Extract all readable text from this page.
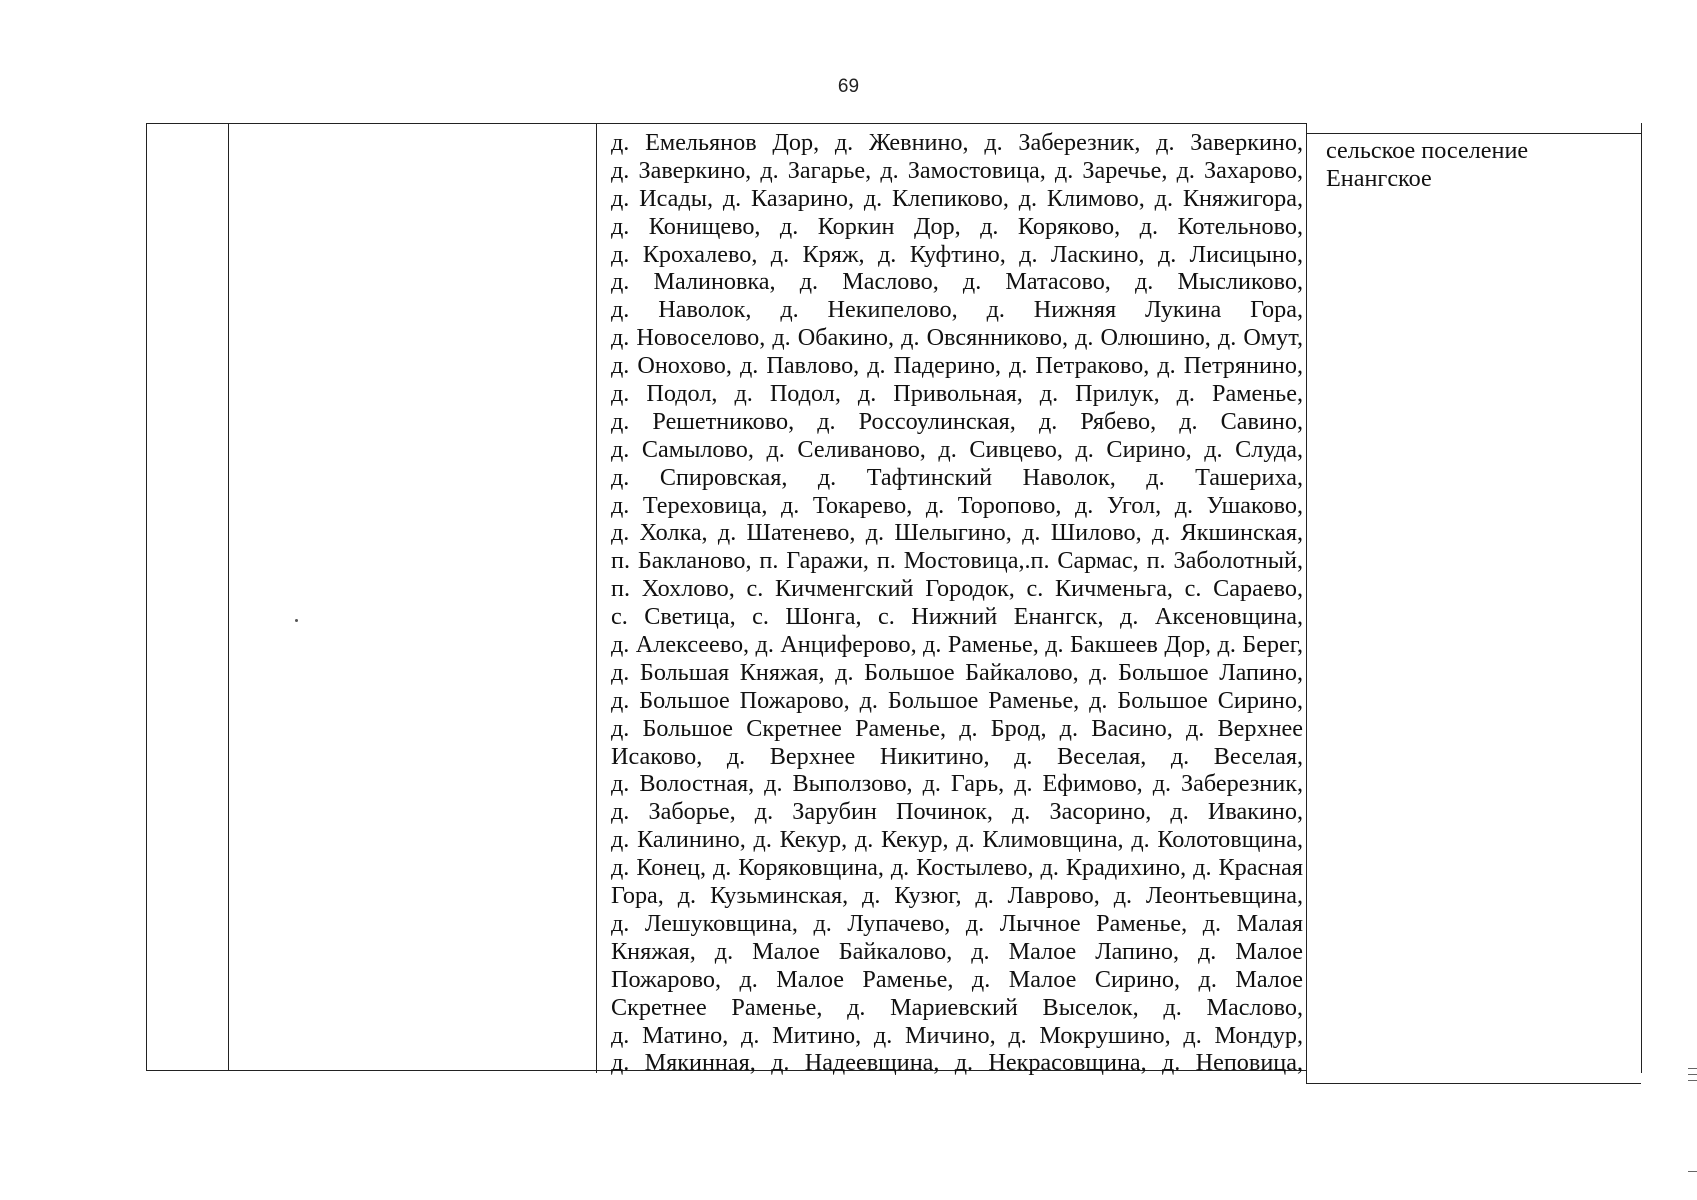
69
д. Емельянов Дор, д. Жевнино, д. Заберезник, д. Заверкино,
д. Заверкино, д. Загарье, д. Замостовица, д. Заречье, д. Захарово,
д. Исады, д. Казарино, д. Клепиково, д. Климово, д. Княжигора,
д. Конищево, д. Коркин Дор, д. Коряково, д. Котельново,
д. Крохалево, д. Кряж, д. Куфтино, д. Ласкино, д. Лисицыно,
д. Малиновка, д. Маслово, д. Матасово, д. Мысликово,
д. Наволок, д. Некипелово, д. Нижняя Лукина Гора,
д. Новоселово, д. Обакино, д. Овсянниково, д. Олюшино, д. Омут,
д. Онохово, д. Павлово, д. Падерино, д. Петраково, д. Петрянино,
д. Подол, д. Подол, д. Привольная, д. Прилук, д. Раменье,
д. Решетниково, д. Россоулинская, д. Рябево, д. Савино,
д. Самылово, д. Селиваново, д. Сивцево, д. Сирино, д. Слуда,
д. Спировская, д. Тафтинский Наволок, д. Ташериха,
д. Тереховица, д. Токарево, д. Торопово, д. Угол, д. Ушаково,
д. Холка, д. Шатенево, д. Шелыгино, д. Шилово, д. Якшинская,
п. Бакланово, п. Гаражи, п. Мостовица,.п. Сармас, п. Заболотный,
п. Хохлово, с. Кичменгский Городок, с. Кичменьга, с. Сараево,
с. Светица, с. Шонга, с. Нижний Енангск, д. Аксеновщина,
д. Алексеево, д. Анциферово, д. Раменье, д. Бакшеев Дор, д. Берег,
д. Большая Княжая, д. Большое Байкалово, д. Большое Лапино,
д. Большое Пожарово, д. Большое Раменье, д. Большое Сирино,
д. Большое Скретнее Раменье, д. Брод, д. Васино, д. Верхнее
Исаково, д. Верхнее Никитино, д. Веселая, д. Веселая,
д. Волостная, д. Выползово, д. Гарь, д. Ефимово, д. Заберезник,
д. Заборье, д. Зарубин Починок, д. Засорино, д. Ивакино,
д. Калинино, д. Кекур, д. Кекур, д. Климовщина, д. Колотовщина,
д. Конец, д. Коряковщина, д. Костылево, д. Крадихино, д. Красная
Гора, д. Кузьминская, д. Кузюг, д. Лаврово, д. Леонтьевщина,
д. Лешуковщина, д. Лупачево, д. Лычное Раменье, д. Малая
Княжая, д. Малое Байкалово, д. Малое Лапино, д. Малое
Пожарово, д. Малое Раменье, д. Малое Сирино, д. Малое
Скретнее Раменье, д. Мариевский Выселок, д. Маслово,
д. Матино, д. Митино, д. Мичино, д. Мокрушино, д. Мондур,
д. Мякинная, д. Надеевщина, д. Некрасовщина, д. Неповица,
сельское поселение Енангское
